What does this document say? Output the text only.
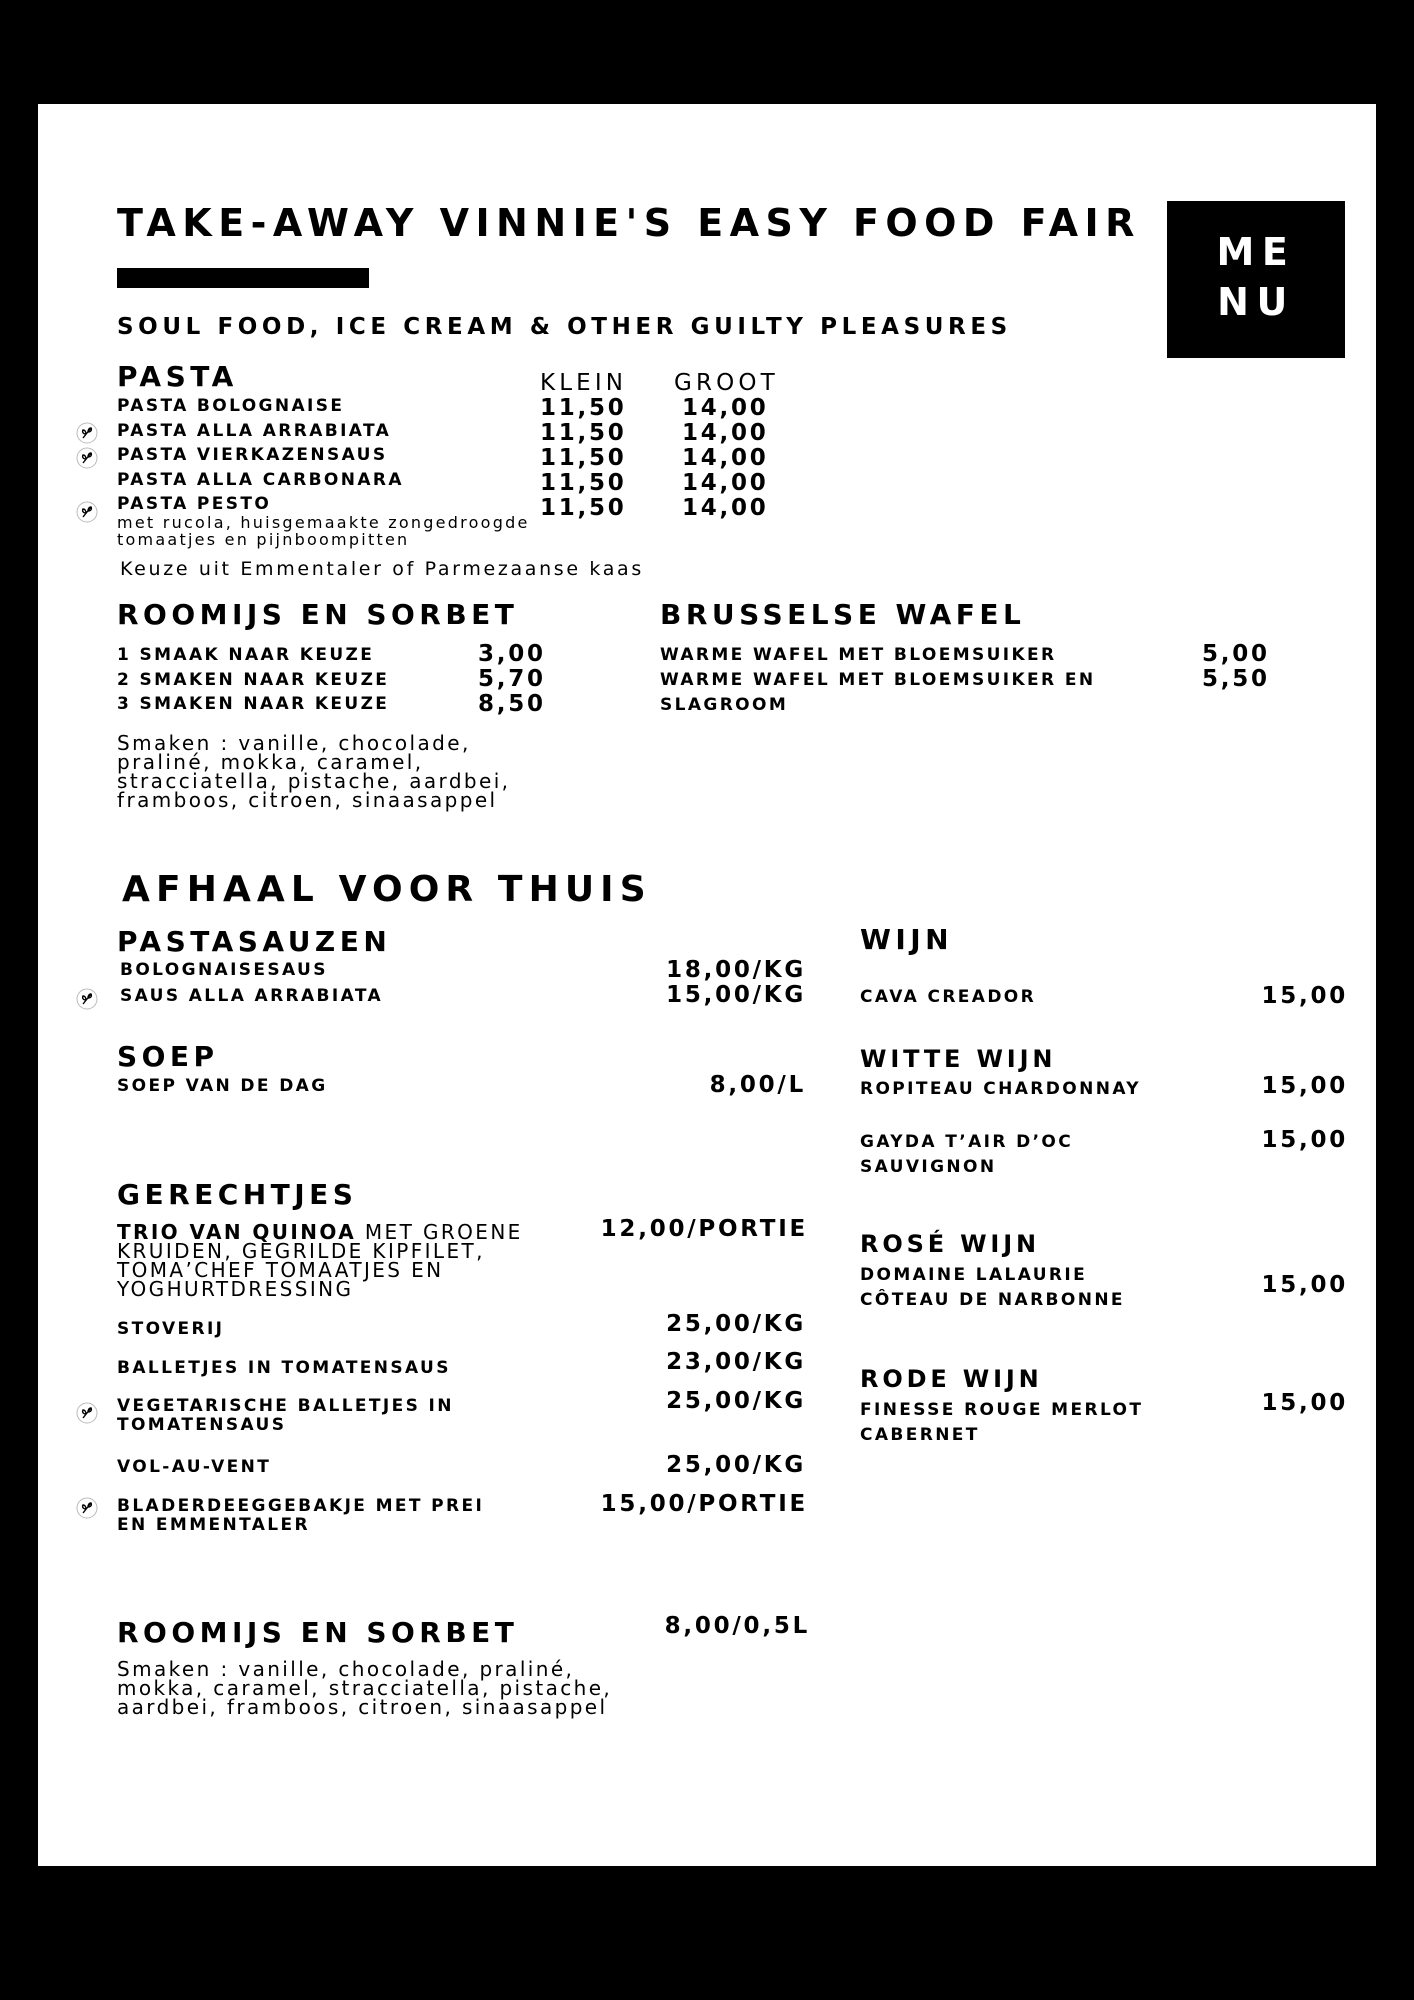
TAKE-AWAY VINNIE'S EASY FOOD FAIR
SOUL FOOD, ICE CREAM & OTHER GUILTY PLEASURES
ME
NU
PASTA	KLEIN GROOT
PASTA BOLOGNAISE	11,50 14,00
PASTA ALLA ARRABIATA	11,50 14,00
PASTA VIERKAZENSAUS	11,50 14,00
PASTA ALLA CARBONARA	11,50 14,00
PASTA PESTO	11,50 14,00
met rucola, huisgemaakte zongedroogde
tomaatjes en pijnboompitten
Keuze uit Emmentaler of Parmezaanse kaas
ROOMIJS EN SORBET
1 SMAAK NAAR KEUZE	3,00
2 SMAKEN NAAR KEUZE	5,70
3 SMAKEN NAAR KEUZE	8,50
Smaken : vanille, chocolade,
praliné, mokka, caramel,
stracciatella, pistache, aardbei,
framboos, citroen, sinaasappel
BRUSSELSE WAFEL
WARME WAFEL MET BLOEMSUIKER	5,00
WARME WAFEL MET BLOEMSUIKER EN
SLAGROOM
5,50
AFHAAL VOOR THUIS
PASTASAUZEN
BOLOGNAISESAUS	18,00/KG
SAUS ALLA ARRABIATA	15,00/KG
SOEP
SOEP VAN DE DAG	8,00/L
GERECHTJES
TRIO VAN QUINOA MET GROENE
KRUIDEN, GEGRILDE KIPFILET,
TOMA’CHEF TOMAATJES EN
YOGHURTDRESSING
12,00/PORTIE
STOVERIJ	25,00/KG
BALLETJES IN TOMATENSAUS	23,00/KG
VEGETARISCHE BALLETJES IN
TOMATENSAUS
25,00/KG
VOL-AU-VENT	25,00/KG
BLADERDEEGGEBAKJE MET PREI
EN EMMENTALER
15,00/PORTIE
ROOMIJS EN SORBET	8,00/0,5L
Smaken : vanille, chocolade, praliné,
mokka, caramel, stracciatella, pistache,
aardbei, framboos, citroen, sinaasappel
WIJN
CAVA CREADOR	15,00
WITTE WIJN
ROPITEAU CHARDONNAY	15,00
GAYDA T’AIR D’OC
SAUVIGNON
15,00
ROSÉ WIJN
DOMAINE LALAURIE
CÔTEAU DE NARBONNE
15,00
RODE WIJN
FINESSE ROUGE MERLOT
CABERNET
15,00
